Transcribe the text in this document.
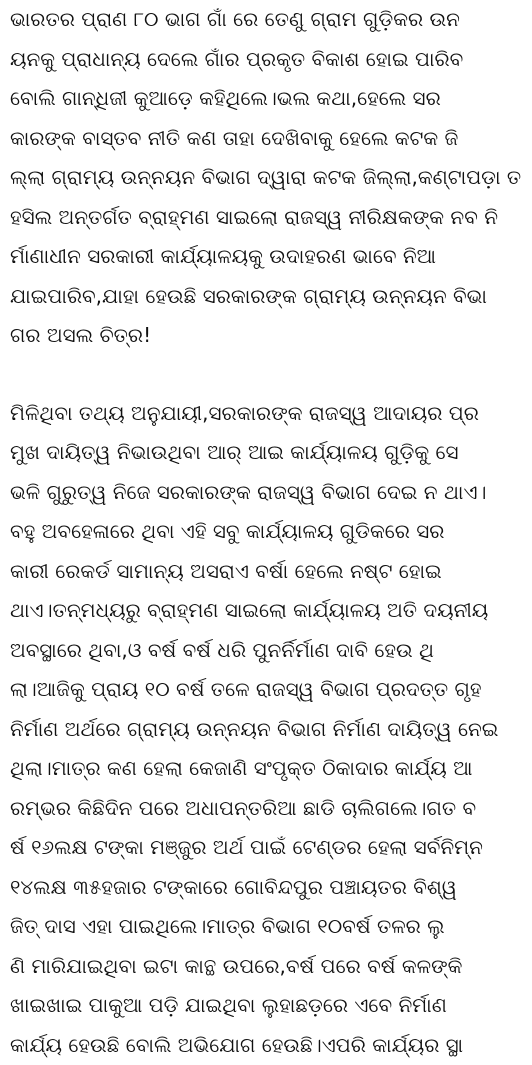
ଭାରତର ପ୍ରାଣ ୮୦ ଭାଗ ଗାଁ ରେ ତେଣୁ ଗ୍ରାମ ଗୁଡ଼ିକର ଉନ
ୟନକୁ ପ୍ରାଧାନ୍ୟ ଦେଲେ ଗାଁର ପ୍ରକୃତ ବିକାଶ ହୋଇ ପାରିବ
ବୋଲି ଗାନ୍ଧିଜୀ କୁଆଡ଼େ କହିଥିଲେ।ଭଲ କଥା,ହେଲେ ସର
କାରଙ୍କ ବାସ୍ତବ ନୀତି କଣ ତାହା ଦେଖିବାକୁ ହେଲେ କଟକ ଜି
ଲ୍ଲା ଗ୍ରାମ୍ୟ ଉନ୍ନୟନ ବିଭାଗ ଦ୍ୱାରା କଟକ ଜିଲ୍ଲା,କଣ୍ଟାପଡ଼ା ତ
ହସିଲ ଅନ୍ତର୍ଗତ ବ୍ରାହ୍ମଣ ସାଇଲୋ ରାଜସ୍ୱ ନୀରିକ୍ଷକଙ୍କ ନବ ନି
ର୍ମାଣାଧୀନ ସରକାରୀ କାର୍ଯ୍ୟାଳୟକୁ ଉଦାହରଣ ଭାବେ ନିଆ
ଯାଇପାରିବ,ଯାହା ହେଉଛି ସରକାରଙ୍କ ଗ୍ରାମ୍ୟ ଉନ୍ନୟନ ବିଭା
ଗର ଅସଲ ଚିତ୍ର!
ମିଳିଥିବା ତଥ୍ୟ ଅନୁଯାୟୀ,ସରକାରଙ୍କ ରାଜସ୍ୱ ଆଦାୟର ପ୍ର
ମୁଖ ଦାୟିତ୍ୱ ନିଭାଉଥିବା ଆର୍ ଆଇ କାର୍ଯ୍ୟାଳୟ ଗୁଡ଼ିକୁ ସେ
ଭଳି ଗୁରୁତ୍ୱ ନିଜେ ସରକାରଙ୍କ ରାଜସ୍ୱ ବିଭାଗ ଦେଇ ନ ଥାଏ।
ବହୁ ଅବହେଳାରେ ଥିବା ଏହି ସବୁ କାର୍ଯ୍ୟାଳୟ ଗୁଡିକରେ ସର
କାରୀ ରେକର୍ଡ ସାମାନ୍ୟ ଅସରାଏ ବର୍ଷା ହେଲେ ନଷ୍ଟ ହୋଇ
ଥାଏ।ତନ୍ମଧ୍ୟରୁ ବ୍ରାହ୍ମଣ ସାଇଲୋ କାର୍ଯ୍ୟାଳୟ ଅତି ଦୟନୀୟ
ଅବସ୍ଥାରେ ଥିବା,ଓ ବର୍ଷ ବର୍ଷ ଧରି ପୁନର୍ନିର୍ମାଣ ଦାବି ହେଉ ଥି
ଲା।ଆଜିକୁ ପ୍ରାୟ ୧୦ ବର୍ଷ ତଳେ ରାଜସ୍ୱ ବିଭାଗ ପ୍ରଦତ୍ତ ଗୃହ
ନିର୍ମାଣ ଅର୍ଥରେ ଗ୍ରାମ୍ୟ ଉନ୍ନୟନ ବିଭାଗ ନିର୍ମାଣ ଦାୟିତ୍ୱ ନେଇ
ଥିଲା।ମାତ୍ର କଣ ହେଲା କେଜାଣି ସଂପୃକ୍ତ ଠିକାଦାର କାର୍ଯ୍ୟ ଆ
ରମ୍ଭର କିଛିଦିନ ପରେ ଅଧାପନ୍ତରିଆ ଛାଡି ଚାଲିଗଲେ।ଗତ ବ
ର୍ଷ ୧୬ଲକ୍ଷ ଟଙ୍କା ମଞ୍ଜୁର ଅର୍ଥ ପାଇଁ ଟେଣ୍ଡର ହେଲା ସର୍ବନିମ୍ନ
୧୪ଲକ୍ଷ ୩୫ହଜାର ଟଙ୍କାରେ ଗୋବିନ୍ଦପୁର ପଞ୍ଚାୟତର ବିଶ୍ୱ
ଜିତ୍ ଦାସ ଏହା ପାଇଥିଲେ।ମାତ୍ର ବିଭାଗ ୧୦ବର୍ଷ ତଳର ଲୁ
ଣି ମାରିଯାଇଥିବା ଇଟା କାନ୍ଥ ଉପରେ,ବର୍ଷ ପରେ ବର୍ଷ କଳଙ୍କି
ଖାଇଖାଇ ପାକୁଆ ପଡ଼ି ଯାଇଥିବା ଲୁହାଛଡ଼ରେ ଏବେ ନିର୍ମାଣ
କାର୍ଯ୍ୟ ହେଉଛି ବୋଲି ଅଭିଯୋଗ ହେଉଛି।ଏପରି କାର୍ଯ୍ୟର ସ୍ଥା
